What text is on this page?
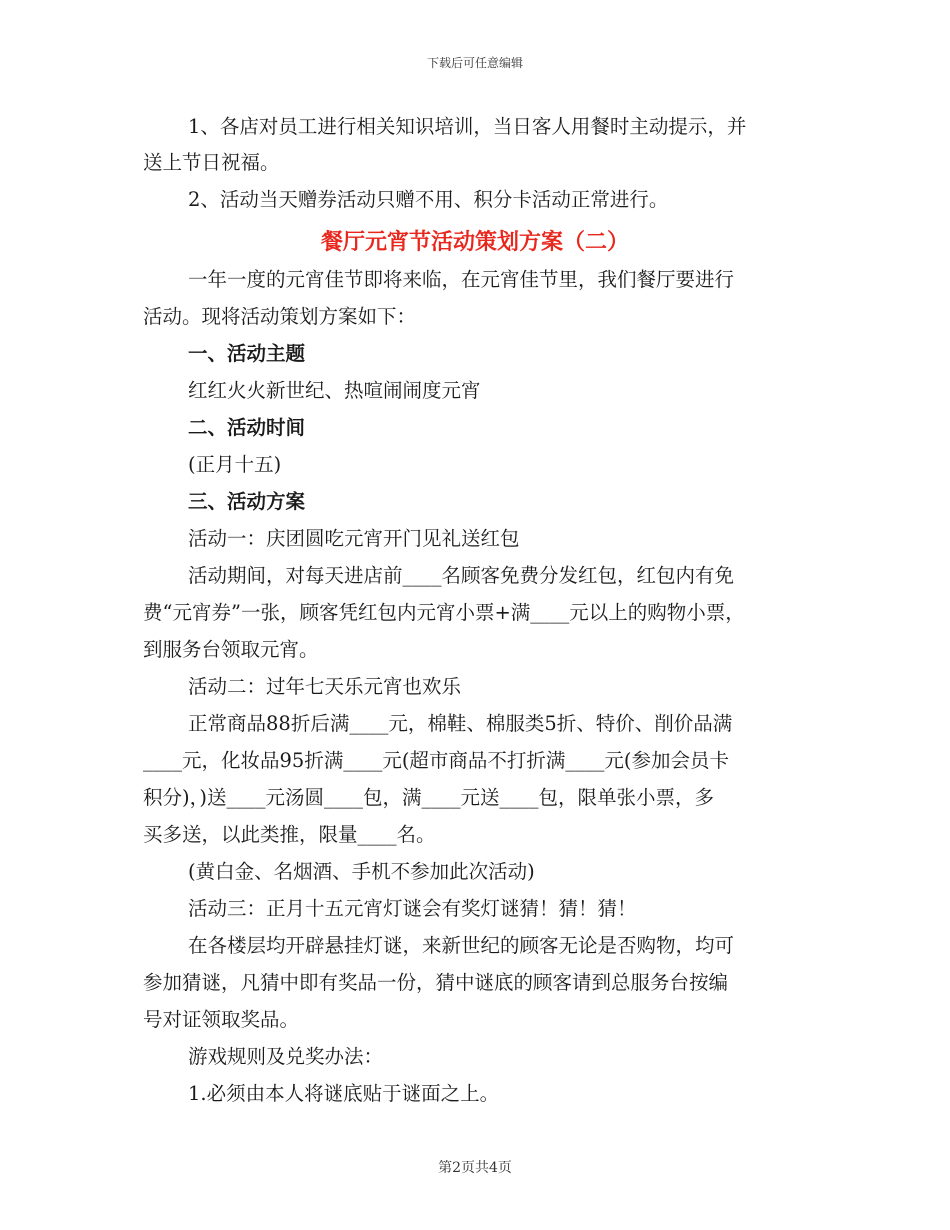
下载后可任意编辑
1、各店对员工进行相关知识培训，当日客人用餐时主动提示，并
送上节日祝福。
2、活动当天赠券活动只赠不用、积分卡活动正常进行。
餐厅元宵节活动策划方案（二）
一年一度的元宵佳节即将来临，在元宵佳节里，我们餐厅要进行
活动。现将活动策划方案如下：
一、活动主题
红红火火新世纪、热喧闹闹度元宵
二、活动时间
(正月十五)
三、活动方案
活动一：庆团圆吃元宵开门见礼送红包
活动期间，对每天进店前____名顾客免费分发红包，红包内有免
费“元宵券”一张，顾客凭红包内元宵小票+满____元以上的购物小票，
到服务台领取元宵。
活动二：过年七天乐元宵也欢乐
正常商品88折后满____元，棉鞋、棉服类5折、特价、削价品满
____元，化妆品95折满____元(超市商品不打折满____元(参加会员卡
积分)，)送____元汤圆____包，满____元送____包，限单张小票，多
买多送，以此类推，限量____名。
(黄白金、名烟酒、手机不参加此次活动)
活动三：正月十五元宵灯谜会有奖灯谜猜！猜！猜！
在各楼层均开辟悬挂灯谜，来新世纪的顾客无论是否购物，均可
参加猜谜，凡猜中即有奖品一份，猜中谜底的顾客请到总服务台按编
号对证领取奖品。
游戏规则及兑奖办法：
1.必须由本人将谜底贴于谜面之上。
第2页共4页
